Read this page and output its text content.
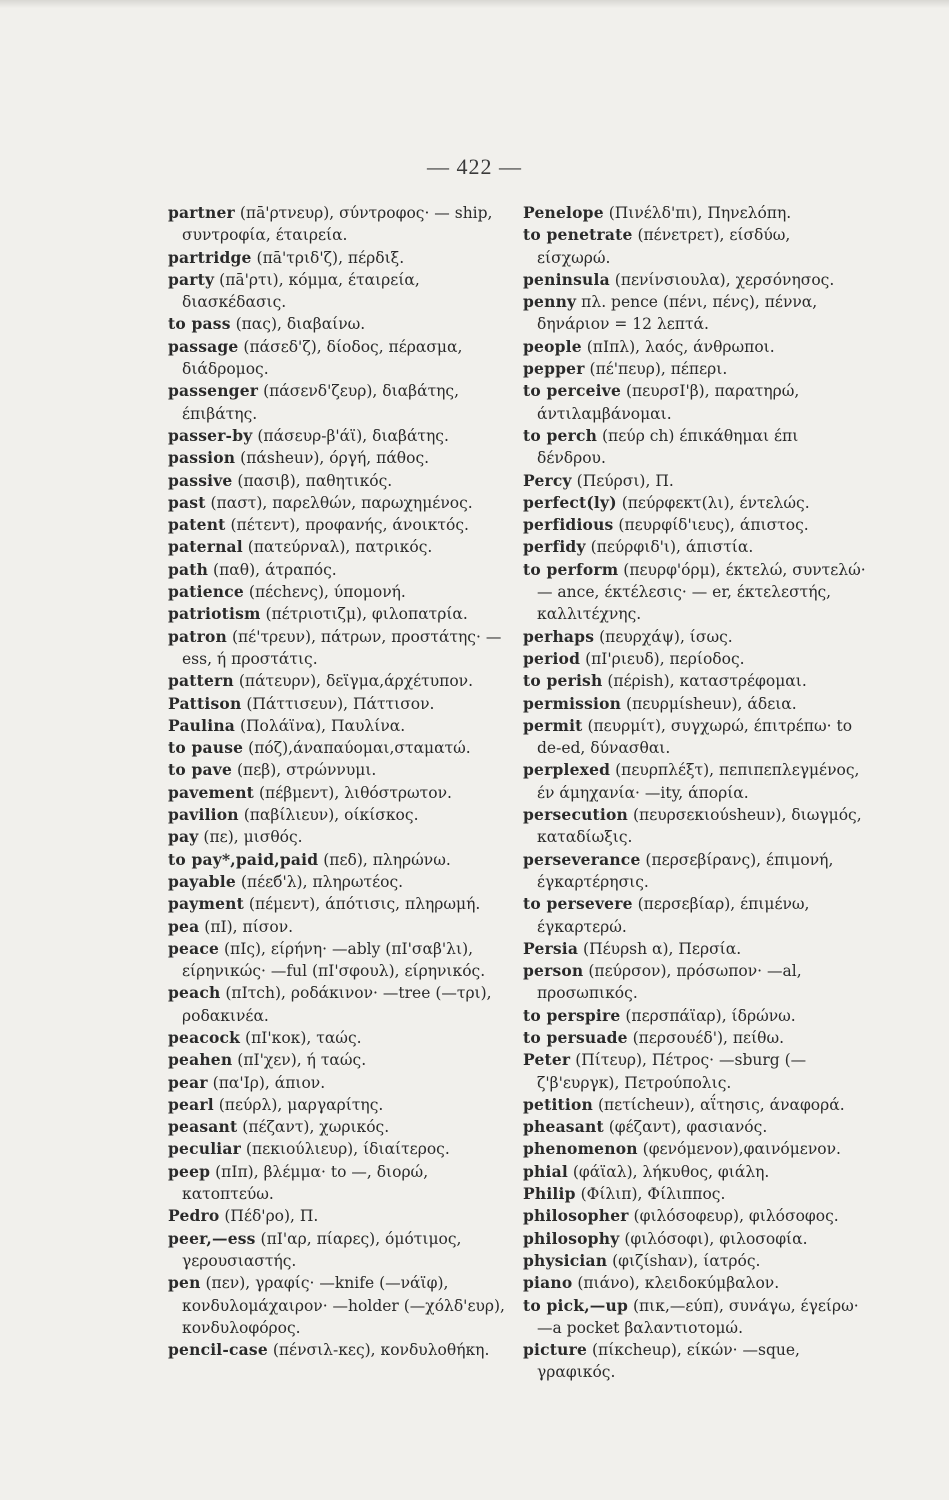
— 422 —

partner (πā'ρτνευρ), σύντροφος· — ship, συντροφία, έταιρεία.

partridge (πā'τριδ'ζ), πέρδιξ.

party (πā'ρτι), κόμμα, έταιρεία, διασκέδασις.

to pass (πας), διαβαίνω.

passage (πάσεδ'ζ), δίοδος, πέρασμα, διάδρομος.

passenger (πάσενδ'ζευρ), διαβάτης, έπιβάτης.

passer-by (πάσευρ-β'άϊ), διαβάτης.

passion (πάsheuν), όργή, πάθος.

passive (πασιβ), παθητικός.

past (παστ), παρελθών, παρωχημένος.

patent (πέτεντ), προφανής, άνοικτός.

paternal (πατεύρναλ), πατρικός.

path (παθ), άτραπός.

patience (πέchενς), ύπομονή.

patriotism (πέτριοτιζμ), φιλοπατρία.

patron (πέ'τρευν), πάτρων, προστάτης· —ess, ή προστάτις.

pattern (πάτευρν), δεϊγμα,άρχέτυπον.

Pattison (Πάττισευν), Πάττισον.

Paulina (Πολάϊνα), Παυλίνα.

to pause (πόζ),άναπαύομαι,σταματώ.

to pave (πεβ), στρώννυμι.

pavement (πέβμεντ), λιθόστρωτον.

pavilion (παβίλιευν), οίκίσκος.

pay (πε), μισθός.

to pay*,paid,paid (πεδ), πληρώνω.

payable (πέεб'λ), πληρωτέος.

payment (πέμεντ), άπότισις, πληρωμή.

pea (πΙ), πίσον.

peace (πΙς), είρήνη· —ably (πΙ'σαβ'λι), είρηνικώς· —ful (πΙ'σφουλ), είρηνικός.

peach (πΙτch), ροδάκινον· —tree (—τρι), ροδακινέα.

peacock (πΙ'κοκ), ταώς.

peahen (πΙ'χεν), ή ταώς.

pear (πα'Ιρ), άπιον.

pearl (πεύρλ), μαργαρίτης.

peasant (πέζαντ), χωρικός.

peculiar (πεκιούλιευρ), ίδιαίτερος.

peep (πΙπ), βλέμμα· to —, διορώ, κατοπτεύω.

Pedro (Πέδ'ρο), Π.

peer,—ess (πΙ'αρ, πίαρες), όμότιμος, γερουσιαστής.

pen (πεν), γραφίς· —knife (—νάϊφ), κονδυλομάχαιρον· —holder (—χόλδ'ευρ), κονδυλοφόρος.

pencil-case (πένσιλ-κες), κονδυλοθήκη.

Penelope (Πινέλδ'πι), Πηνελόπη.

to penetrate (πένετρετ), είσδύω, είσχωρώ.

peninsula (πενίνσιουλα), χερσόνησος.

penny πλ. pence (πένι, πένς), πέννα, δηνάριον = 12 λεπτά.

people (πΙπλ), λαός, άνθρωποι.

pepper (πέ'πευρ), πέπερι.

to perceive (πευρσΙ'β), παρατηρώ, άντιλαμβάνομαι.

to perch (πεύρ ch) έπικάθημαι έπι δένδρου.

Percy (Πεύρσι), Π.

perfect(ly) (πεύρφεκτ(λι), έντελώς.

perfidious (πευρφίδ'ιευς), άπιστος.

perfidy (πεύρφιδ'ι), άπιστία.

to perform (πευρφ'όρμ), έκτελώ, συντελώ· — ance, έκτέλεσις· — er, έκτελεστής, καλλιτέχνης.

perhaps (πευρχάψ), ίσως.

period (πΙ'ριευδ), περίοδος.

to perish (πέρish), καταστρέφομαι.

permission (πευρμίsheuν), άδεια.

permit (πευρμίτ), συγχωρώ, έπιτρέπω· to de-ed, δύνασθαι.

perplexed (πευρπλέξτ), πεπιπεπλεγμένος, έν άμηχανία· —ity, άπορία.

persecution (πευρσεκιούsheuν), διωγμός, καταδίωξις.

perseverance (περσεβίρανς), έπιμονή, έγκαρτέρησις.

to persevere (περσεβίαρ), έπιμένω, έγκαρτερώ.

Persia (Πέυρsh α), Περσία.

person (πεύρσον), πρόσωπον· —al, προσωπικός.

to perspire (περσπάϊαρ), ίδρώνω.

to persuade (περσουέδ'), πείθω.

Peter (Πίτευρ), Πέτρος· —sburg (—ζ'β'ευργκ), Πετρούπολις.

petition (πετίcheuν), αΐτησις, άναφορά.

pheasant (φέζαντ), φασιανός.

phenomenon (φενόμενον),φαινόμενον.

phial (φάϊαλ), λήκυθος, φιάλη.

Philip (Φίλιπ), Φίλιππος.

philosopher (φιλόσοφευρ), φιλόσοφος.

philosophy (φιλόσοφι), φιλοσοφία.

physician (φιζίshαν), ίατρός.

piano (πιάνο), κλειδοκύμβαλον.

to pick,—up (πικ,—εύπ), συνάγω, έγείρω· —a pocket βαλαντιοτομώ.

picture (πίκcheuρ), είκών· —sque, γραφικός.
